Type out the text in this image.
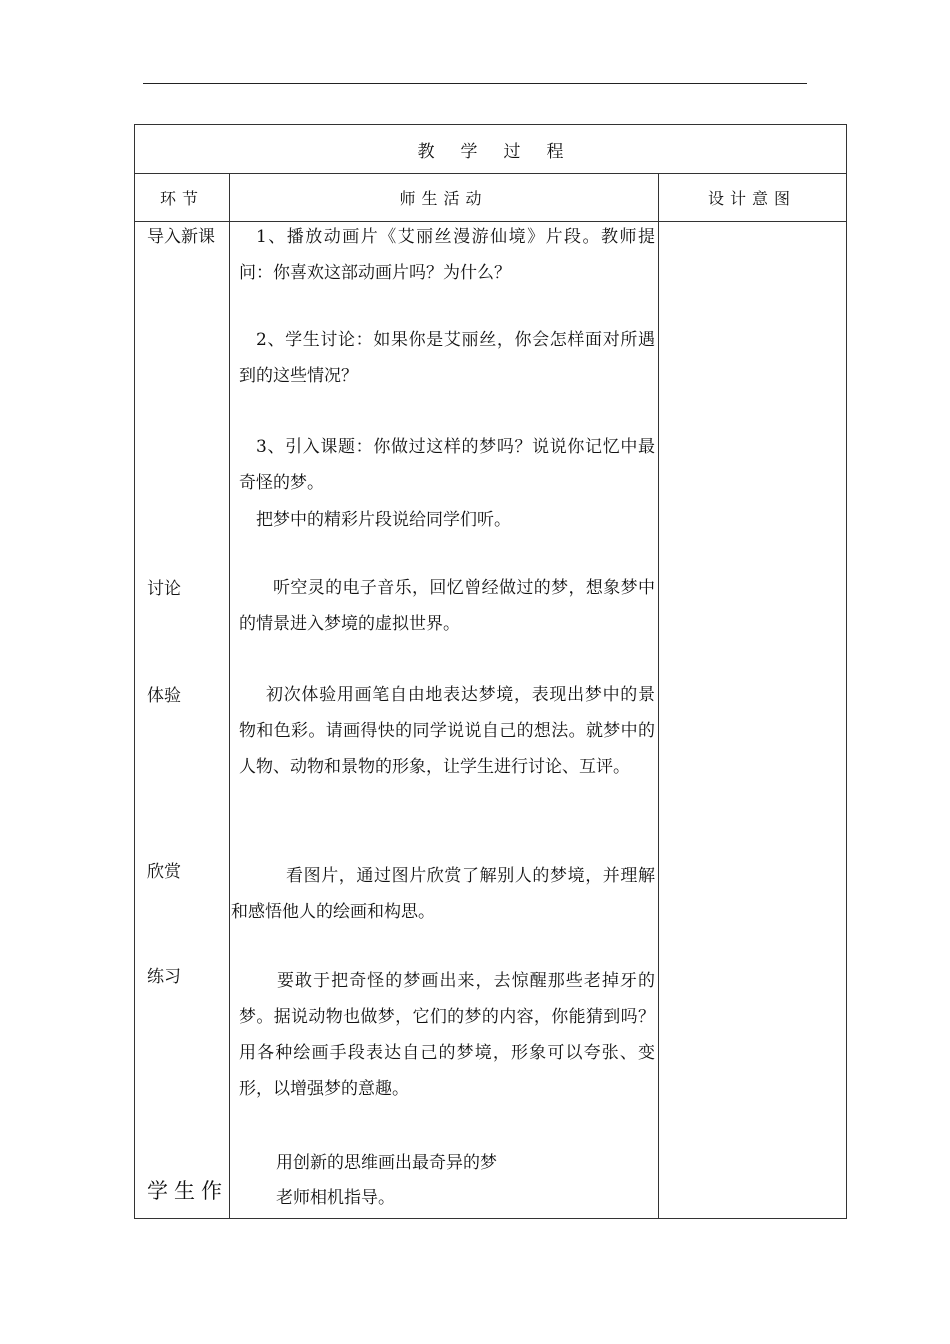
教学过程
环节	师生活动	设计意图
导入新课
讨论
体验
欣赏
练习
学生作

1、播放动画片《艾丽丝漫游仙境》片段。教师提问：你喜欢这部动画片吗？为什么？

2、学生讨论：如果你是艾丽丝，你会怎样面对所遇到的这些情况？

3、引入课题：你做过这样的梦吗？说说你记忆中最奇怪的梦。

把梦中的精彩片段说给同学们听。

听空灵的电子音乐，回忆曾经做过的梦，想象梦中的情景进入梦境的虚拟世界。

初次体验用画笔自由地表达梦境，表现出梦中的景物和色彩。请画得快的同学说说自己的想法。就梦中的人物、动物和景物的形象，让学生进行讨论、互评。

看图片，通过图片欣赏了解别人的梦境，并理解和感悟他人的绘画和构思。

要敢于把奇怪的梦画出来，去惊醒那些老掉牙的梦。据说动物也做梦，它们的梦的内容，你能猜到吗？用各种绘画手段表达自己的梦境，形象可以夸张、变形，以增强梦的意趣。

用创新的思维画出最奇异的梦

老师相机指导。
